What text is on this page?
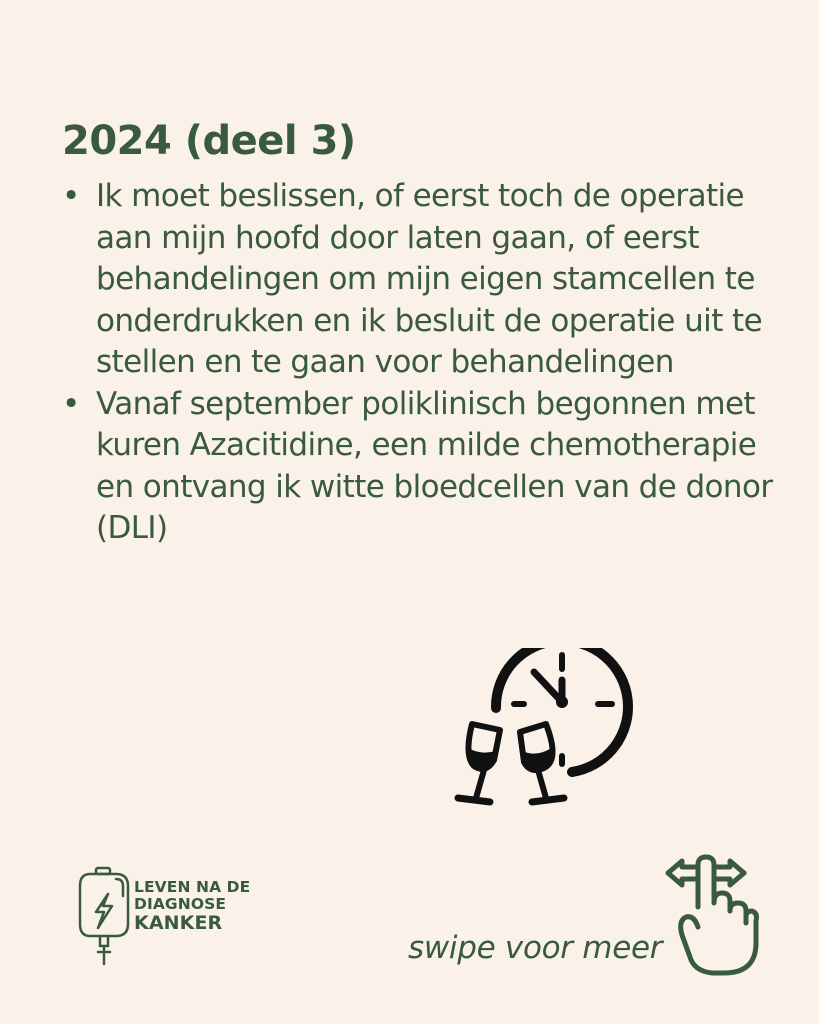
2024 (deel 3)
• Ik moet beslissen, of eerst toch de operatie aan mijn hoofd door laten gaan, of eerst behandelingen om mijn eigen stamcellen te onderdrukken en ik besluit de operatie uit te stellen en te gaan voor behandelingen
• Vanaf september poliklinisch begonnen met kuren Azacitidine, een milde chemotherapie en ontvang ik witte bloedcellen van de donor (DLI)
LEVEN NA DE
DIAGNOSE
KANKER
swipe voor meer
